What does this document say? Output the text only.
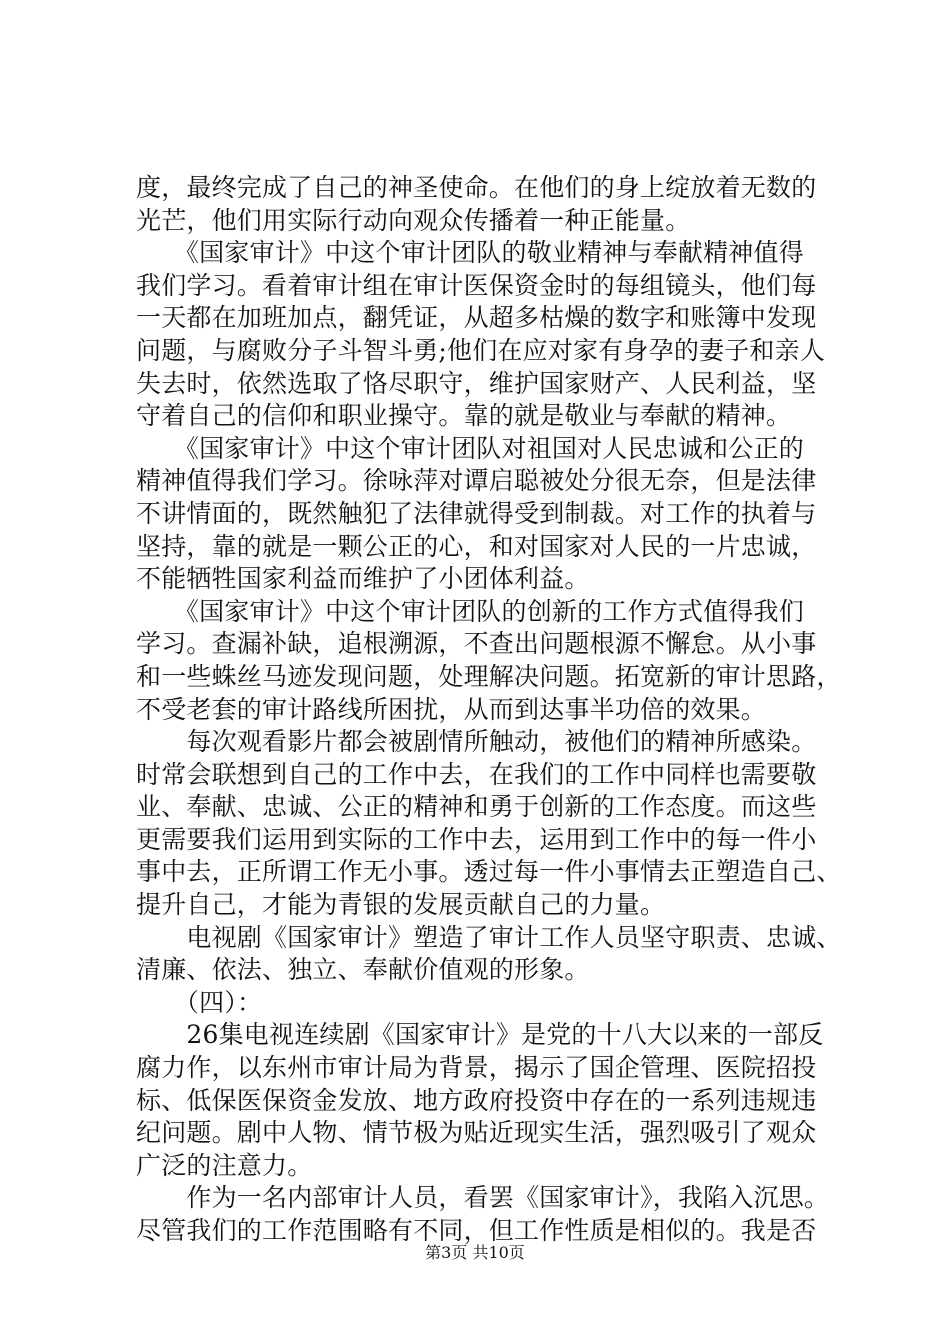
度，最终完成了自己的神圣使命。在他们的身上绽放着无数的
光芒，他们用实际行动向观众传播着一种正能量。
　　《国家审计》中这个审计团队的敬业精神与奉献精神值得
我们学习。看着审计组在审计医保资金时的每组镜头，他们每
一天都在加班加点，翻凭证，从超多枯燥的数字和账簿中发现
问题，与腐败分子斗智斗勇;他们在应对家有身孕的妻子和亲人
失去时，依然选取了恪尽职守，维护国家财产、人民利益，坚
守着自己的信仰和职业操守。靠的就是敬业与奉献的精神。
　　《国家审计》中这个审计团队对祖国对人民忠诚和公正的
精神值得我们学习。徐咏萍对谭启聪被处分很无奈，但是法律
不讲情面的，既然触犯了法律就得受到制裁。对工作的执着与
坚持，靠的就是一颗公正的心，和对国家对人民的一片忠诚，
不能牺牲国家利益而维护了小团体利益。
　　《国家审计》中这个审计团队的创新的工作方式值得我们
学习。查漏补缺，追根溯源，不查出问题根源不懈怠。从小事
和一些蛛丝马迹发现问题，处理解决问题。拓宽新的审计思路，
不受老套的审计路线所困扰，从而到达事半功倍的效果。
　　每次观看影片都会被剧情所触动，被他们的精神所感染。
时常会联想到自己的工作中去，在我们的工作中同样也需要敬
业、奉献、忠诚、公正的精神和勇于创新的工作态度。而这些
更需要我们运用到实际的工作中去，运用到工作中的每一件小
事中去，正所谓工作无小事。透过每一件小事情去正塑造自己、
提升自己，才能为青银的发展贡献自己的力量。
　　电视剧《国家审计》塑造了审计工作人员坚守职责、忠诚、
清廉、依法、独立、奉献价值观的形象。
　　（四）：
　　26集电视连续剧《国家审计》是党的十八大以来的一部反
腐力作，以东州市审计局为背景，揭示了国企管理、医院招投
标、低保医保资金发放、地方政府投资中存在的一系列违规违
纪问题。剧中人物、情节极为贴近现实生活，强烈吸引了观众
广泛的注意力。
　　作为一名内部审计人员，看罢《国家审计》，我陷入沉思。
尽管我们的工作范围略有不同，但工作性质是相似的。我是否
第3页 共10页
